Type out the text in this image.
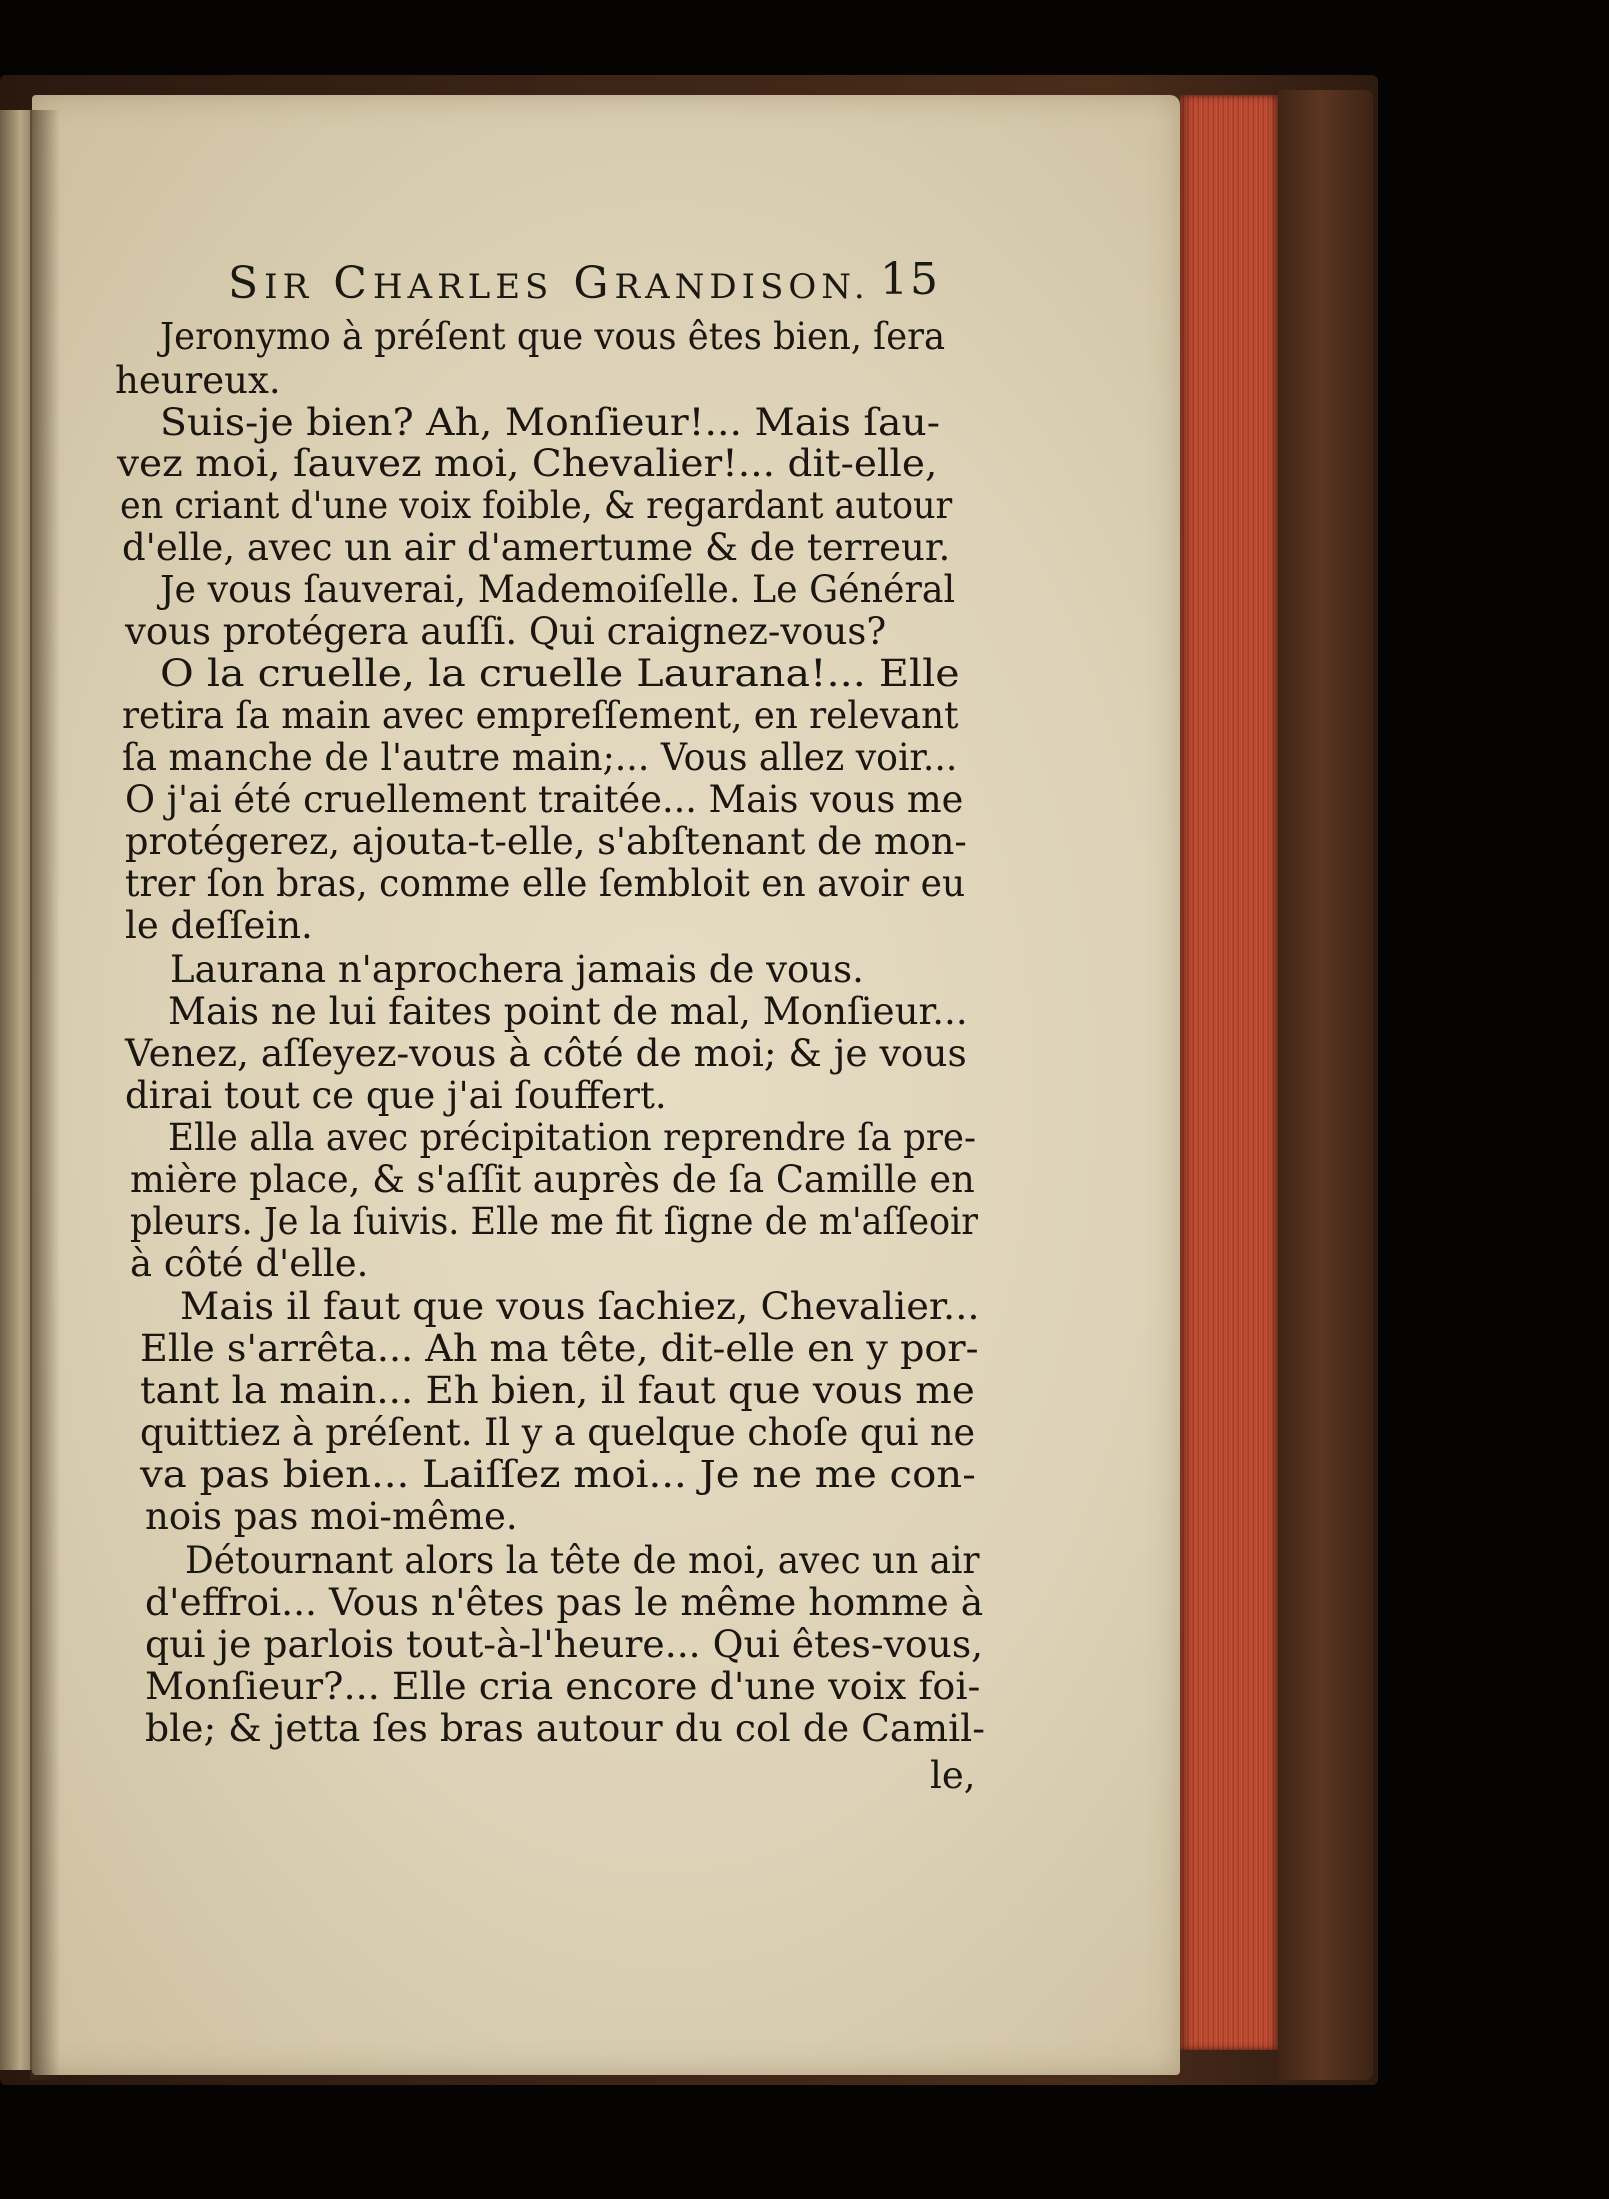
SIR CHARLES GRANDISON. 15
Jeronymo à préſent que vous êtes bien, ſera
heureux.
Suis-je bien? Ah, Monſieur!... Mais ſau-
vez moi, ſauvez moi, Chevalier!... dit-elle,
en criant d'une voix foible, & regardant autour
d'elle, avec un air d'amertume & de terreur.
Je vous ſauverai, Mademoiſelle. Le Général
vous protégera auſſi. Qui craignez-vous?
O la cruelle, la cruelle Laurana!... Elle
retira ſa main avec empreſſement, en relevant
ſa manche de l'autre main;... Vous allez voir...
O j'ai été cruellement traitée... Mais vous me
protégerez, ajouta-t-elle, s'abſtenant de mon-
trer ſon bras, comme elle ſembloit en avoir eu
le deſſein.
Laurana n'aprochera jamais de vous.
Mais ne lui faites point de mal, Monſieur...
Venez, aſſeyez-vous à côté de moi; & je vous
dirai tout ce que j'ai ſouffert.
Elle alla avec précipitation reprendre ſa pre-
mière place, & s'aſſit auprès de ſa Camille en
pleurs. Je la ſuivis. Elle me fit ſigne de m'aſſeoir
à côté d'elle.
Mais il faut que vous ſachiez, Chevalier...
Elle s'arrêta... Ah ma tête, dit-elle en y por-
tant la main... Eh bien, il faut que vous me
quittiez à préſent. Il y a quelque choſe qui ne
va pas bien... Laiſſez moi... Je ne me con-
nois pas moi-même.
Détournant alors la tête de moi, avec un air
d'effroi... Vous n'êtes pas le même homme à
qui je parlois tout-à-l'heure... Qui êtes-vous,
Monſieur?... Elle cria encore d'une voix foi-
ble; & jetta ſes bras autour du col de Camil-
le,
